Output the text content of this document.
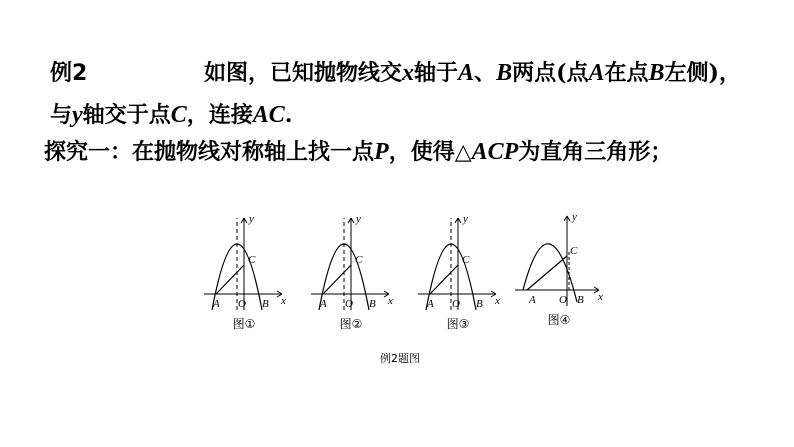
例2	如图，已知抛物线交x轴于A、B两点(点A在点B左侧)，
与y轴交于点C，连接AC.
探究一：在抛物线对称轴上找一点P，使得△ACP为直角三角形；
A O B
C
x
y
图①
A O B
C
x
y
图②
A O B
C
x
y
图③
A O B
C
x
y
图④
例2题图
